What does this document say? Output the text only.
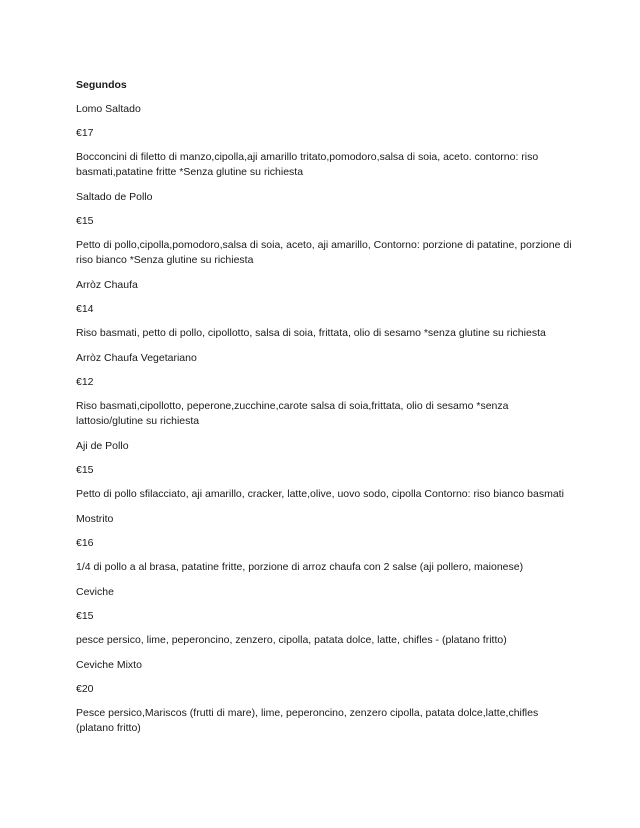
Segundos
Lomo Saltado
€17
Bocconcini di filetto di manzo,cipolla,aji amarillo tritato,pomodoro,salsa di soia, aceto. contorno: riso basmati,patatine fritte *Senza glutine su richiesta
Saltado de Pollo
€15
Petto di pollo,cipolla,pomodoro,salsa di soia, aceto, aji amarillo, Contorno: porzione di patatine, porzione di riso bianco *Senza glutine su richiesta
Arròz Chaufa
€14
Riso basmati, petto di pollo, cipollotto, salsa di soia, frittata, olio di sesamo *senza glutine su richiesta
Arròz Chaufa Vegetariano
€12
Riso basmati,cipollotto, peperone,zucchine,carote salsa di soia,frittata, olio di sesamo *senza lattosio/glutine su richiesta
Aji de Pollo
€15
Petto di pollo sfilacciato, aji amarillo, cracker, latte,olive, uovo sodo, cipolla Contorno: riso bianco basmati
Mostrito
€16
1/4 di pollo a al brasa, patatine fritte, porzione di arroz chaufa con 2 salse (aji pollero, maionese)
Ceviche
€15
pesce persico, lime, peperoncino, zenzero, cipolla, patata dolce, latte, chifles - (platano fritto)
Ceviche Mixto
€20
Pesce persico,Mariscos (frutti di mare), lime, peperoncino, zenzero cipolla, patata dolce,latte,chifles (platano fritto)
